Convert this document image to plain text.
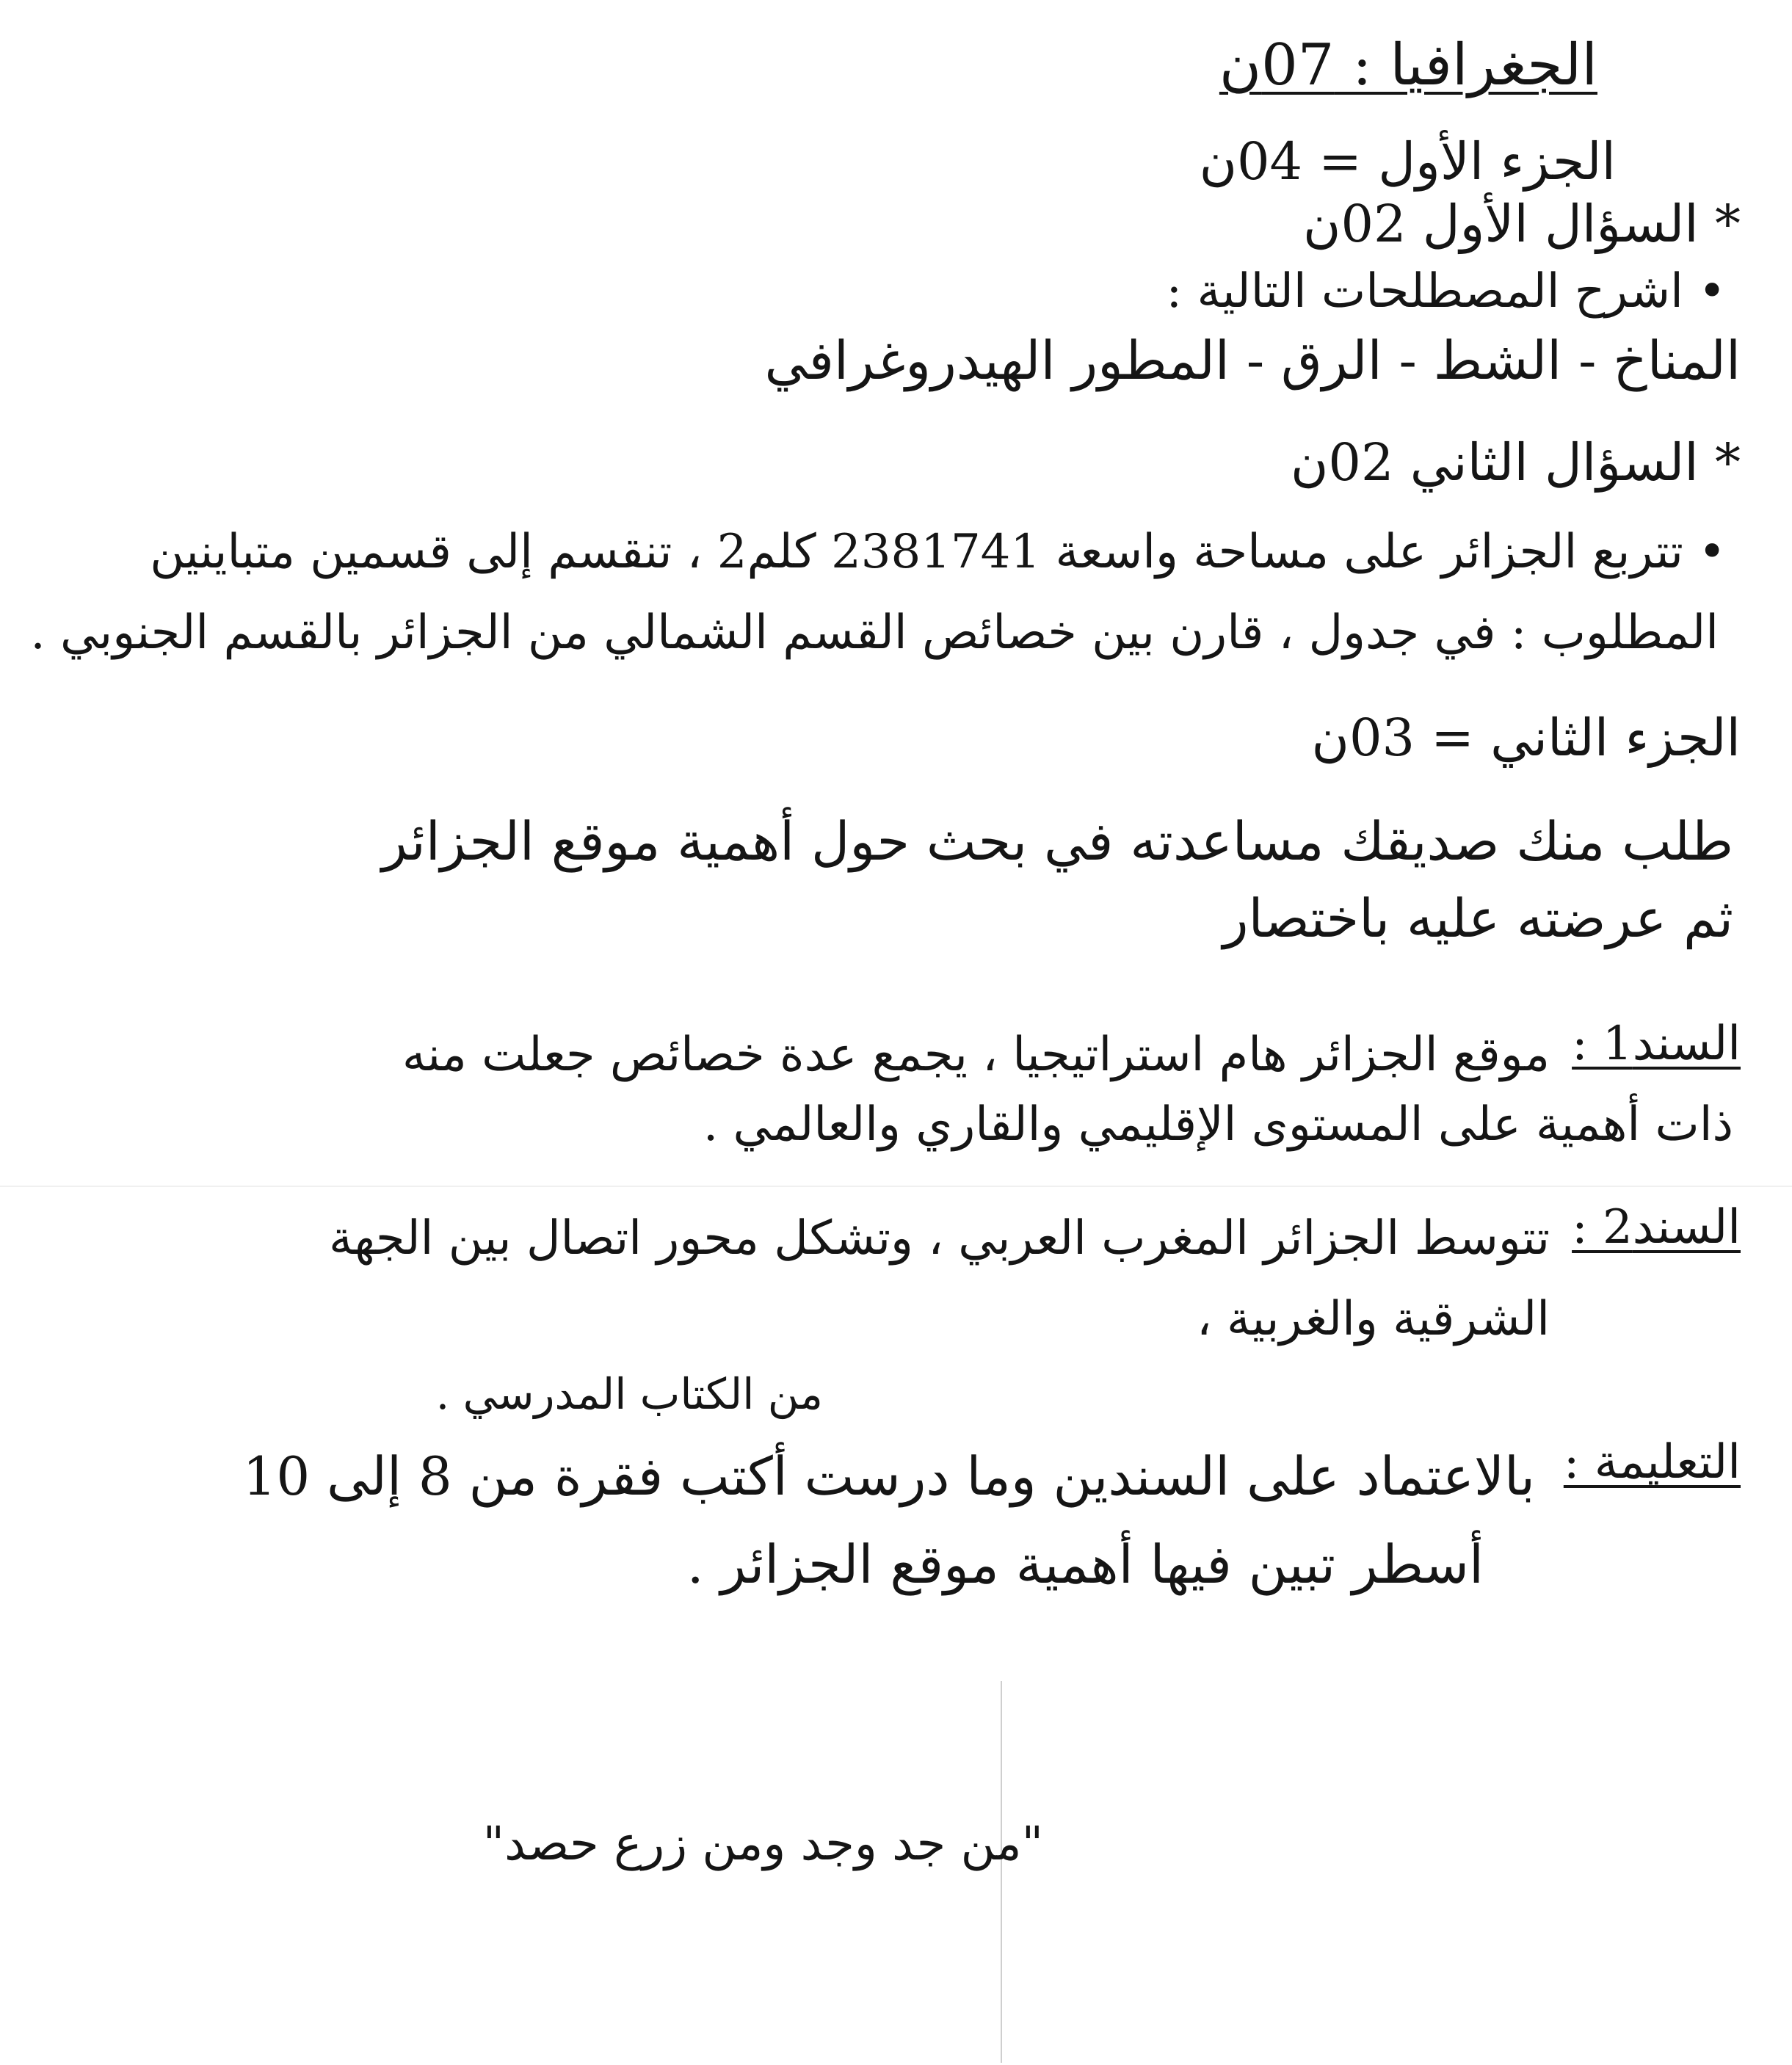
الجغرافيا : 07ن
الجزء الأول = 04ن
* السؤال الأول 02ن
• اشرح المصطلحات التالية :
المناخ - الشط - الرق - المطور الهيدروغرافي
* السؤال الثاني 02ن
• تتربع الجزائر على مساحة واسعة 2381741 كلم2 ، تنقسم إلى قسمين متباينين
المطلوب : في جدول ، قارن بين خصائص القسم الشمالي من الجزائر بالقسم الجنوبي .
الجزء الثاني = 03ن
طلب منك صديقك مساعدته في بحث حول أهمية موقع الجزائر
ثم عرضته عليه باختصار
السند1 :
موقع الجزائر هام استراتيجيا ، يجمع عدة خصائص جعلت منه
ذات أهمية على المستوى الإقليمي والقاري والعالمي .
السند2 :
تتوسط الجزائر المغرب العربي ، وتشكل محور اتصال بين الجهة
الشرقية والغربية ،
من الكتاب المدرسي .
التعليمة :
بالاعتماد على السندين وما درست أكتب فقرة من 8 إلى 10
أسطر تبين فيها أهمية موقع الجزائر .
"من جد وجد ومن زرع حصد"
